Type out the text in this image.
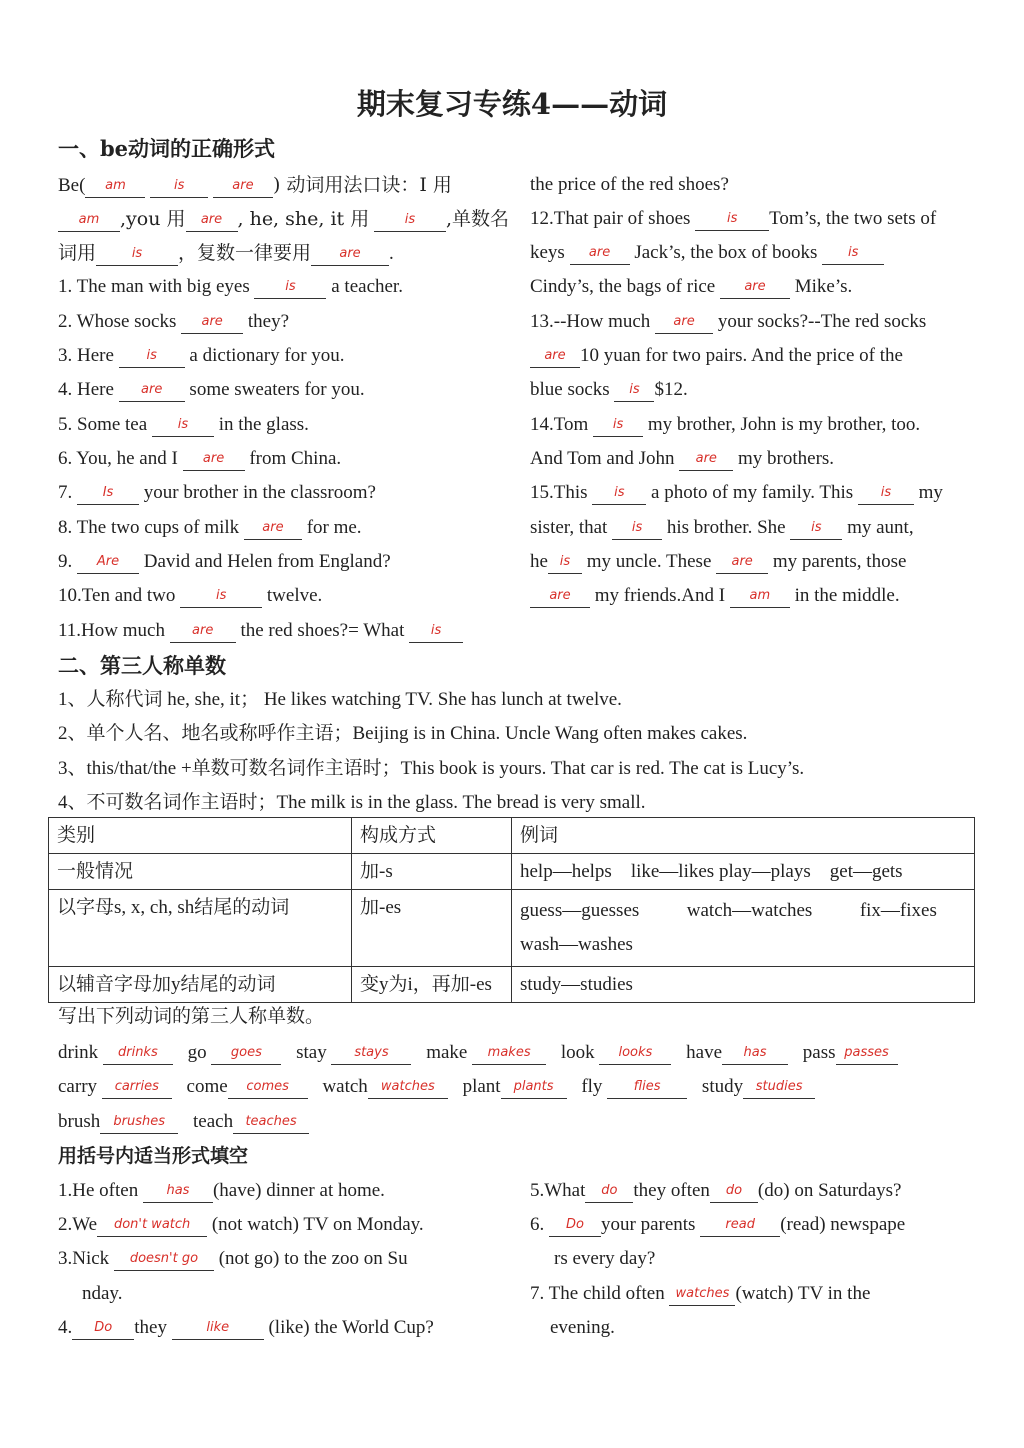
期末复习专练4——动词
一、be动词的正确形式
Be( am	is	are ) 动词用法口诀：I 用
am ,you 用 are , he, she, it 用	is ,单数名
词用	is ，复数一律要用 are .
1. The man with big eyes	is a teacher.
2. Whose socks are they?
3. Here	is a dictionary for you.
4. Here are some sweaters for you.
5. Some tea is in the glass.
6. You, he and I are from China.
7. Is your brother in the classroom?
8. The two cups of milk are for me.
9. Are David and Helen from England?
10.Ten and two	is twelve.
11.How much are the red shoes?= What is
the price of the red shoes?
12.That pair of shoes	is Tom’s, the two sets of
keys are Jack’s, the box of books is
Cindy’s, the bags of rice are Mike’s.
13.--How much are your socks?--The red socks
are 10 yuan for two pairs. And the price of the
blue socks is $12.
14.Tom is my brother, John is my brother, too.
And Tom and John are my brothers.
15.This is a photo of my family. This is my
sister, that is his brother. She is my aunt,
he is my uncle. These are my parents, those
are my friends.And I am in the middle.
二、第三人称单数
1、人称代词 he, she, it； He likes watching TV. She has lunch at twelve.
2、单个人名、地名或称呼作主语；Beijing is in China. Uncle Wang often makes cakes.
3、this/that/the +单数可数名词作主语时；This book is yours. That car is red. The cat is Lucy’s.
4、不可数名词作主语时；The milk is in the glass. The bread is very small.
类别	构成方式	例词
一般情况	加-s	help—helps    like—likes play—plays    get—gets
以字母s, x, ch, sh结尾的动词	加-es	guess—guesses          watch—watches          fix—fixes
wash—washes

以辅音字母加y结尾的动词	变y为i，再加-es	study—studies
写出下列动词的第三人称单数。
drink drinks go goes stay stays make makes look looks have has pass passes
carry carries come comes watch watches plant plants fly flies study studies
brush brushes teach teaches
用括号内适当形式填空
1.He often has (have) dinner at home.
2.We don't watch (not watch) TV on Monday.
3.Nick doesn't go (not go) to the zoo on Su
nday.
4. Do they	like (like) the World Cup?
5.What do they often do (do) on Saturdays?
6. Do your parents read (read) newspape
rs every day?
7. The child often watches (watch) TV in the
evening.
